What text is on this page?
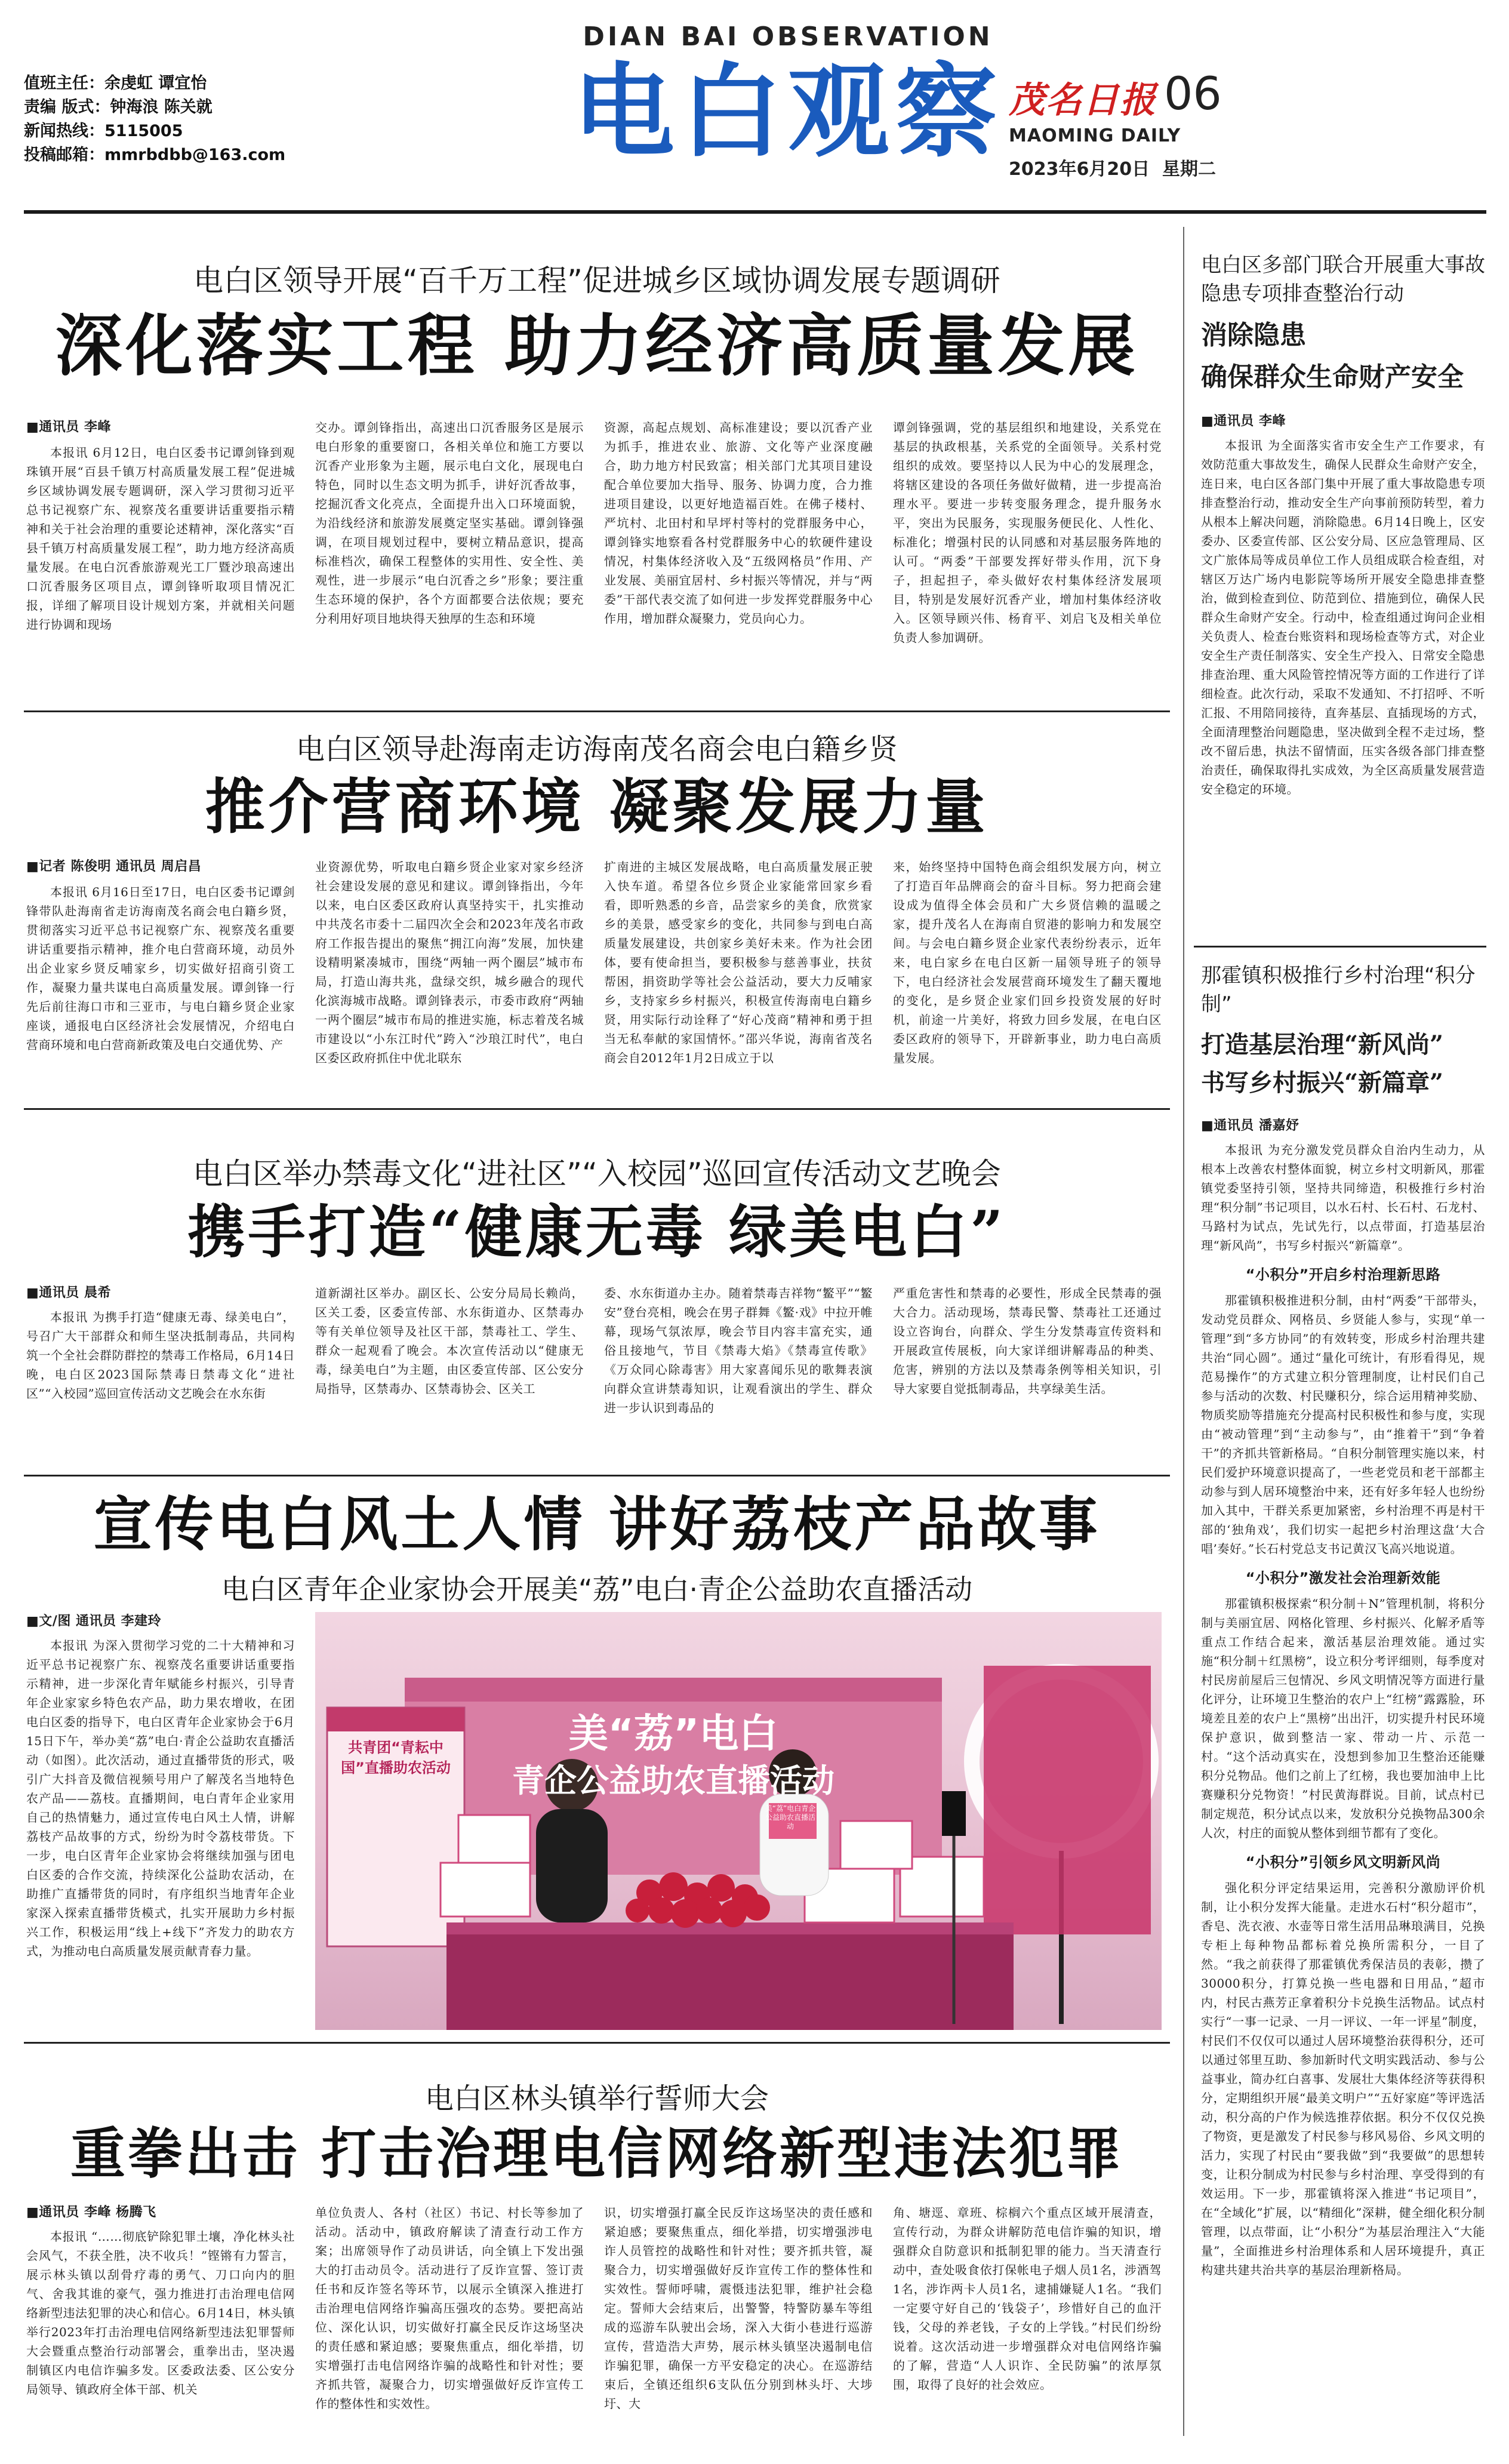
DIAN BAI OBSERVATION
值班主任：余虔虹 谭宜怡
责编 版式：钟海浪 陈关就
新闻热线：5115005
投稿邮箱：mmrbdbb@163.com	电白观察 茂名日报 06
MAOMING DAILY
2023年6月20日 星期二
电白区领导开展“百千万工程”促进城乡区域协调发展专题调研
深化落实工程 助力经济高质量发展
■通讯员 李峰

本报讯 6月12日，电白区委书记谭剑锋到观珠镇开展“百县千镇万村高质量发展工程”促进城乡区域协调发展专题调研，深入学习贯彻习近平总书记视察广东、视察茂名重要讲话重要指示精神和关于社会治理的重要论述精神，深化落实“百县千镇万村高质量发展工程”，助力地方经济高质量发展。在电白沉香旅游观光工厂暨沙琅高速出口沉香服务区项目点，谭剑锋听取项目情况汇报，详细了解项目设计规划方案，并就相关问题进行协调和现场

交办。谭剑锋指出，高速出口沉香服务区是展示电白形象的重要窗口，各相关单位和施工方要以沉香产业形象为主题，展示电白文化，展现电白特色，同时以生态文明为抓手，讲好沉香故事，挖掘沉香文化亮点，全面提升出入口环境面貌，为沿线经济和旅游发展奠定坚实基础。谭剑锋强调，在项目规划过程中，要树立精品意识，提高标准档次，确保工程整体的实用性、安全性、美观性，进一步展示“电白沉香之乡”形象；要注重生态环境的保护，各个方面都要合法依规；要充分利用好项目地块得天独厚的生态和环境

资源，高起点规划、高标准建设；要以沉香产业为抓手，推进农业、旅游、文化等产业深度融合，助力地方村民致富；相关部门尤其项目建设配合单位要加大指导、服务、协调力度，合力推进项目建设，以更好地造福百姓。在佛子楼村、严坑村、北田村和早坪村等村的党群服务中心，谭剑锋实地察看各村党群服务中心的软硬件建设情况，村集体经济收入及“五级网格员”作用、产业发展、美丽宜居村、乡村振兴等情况，并与“两委”干部代表交流了如何进一步发挥党群服务中心作用，增加群众凝聚力，党员向心力。

谭剑锋强调，党的基层组织和地建设，关系党在基层的执政根基，关系党的全面领导。关系村党组织的成效。要坚持以人民为中心的发展理念，将辖区建设的各项任务做好做精，进一步提高治理水平。要进一步转变服务理念，提升服务水平，突出为民服务，实现服务便民化、人性化、标准化；增强村民的认同感和对基层服务阵地的认可。“两委”干部要发挥好带头作用，沉下身子，担起担子，牵头做好农村集体经济发展项目，特别是发展好沉香产业，增加村集体经济收入。区领导顾兴伟、杨育平、刘启飞及相关单位负责人参加调研。

电白区领导赴海南走访海南茂名商会电白籍乡贤
推介营商环境 凝聚发展力量
■记者 陈俊明 通讯员 周启昌

本报讯 6月16日至17日，电白区委书记谭剑锋带队赴海南省走访海南茂名商会电白籍乡贤，贯彻落实习近平总书记视察广东、视察茂名重要讲话重要指示精神，推介电白营商环境，动员外出企业家乡贤反哺家乡，切实做好招商引资工作，凝聚力量共谋电白高质量发展。谭剑锋一行先后前往海口市和三亚市，与电白籍乡贤企业家座谈，通报电白区经济社会发展情况，介绍电白营商环境和电白营商新政策及电白交通优势、产

业资源优势，听取电白籍乡贤企业家对家乡经济社会建设发展的意见和建议。谭剑锋指出，今年以来，电白区委区政府认真坚持实干，扎实推动中共茂名市委十二届四次全会和2023年茂名市政府工作报告提出的聚焦“拥江向海”发展，加快建设精明紧凑城市，围绕“两轴一两个圈层”城市布局，打造山海共兆，盘绿交织，城乡融合的现代化滨海城市战略。谭剑锋表示，市委市政府“两轴一两个圈层”城市布局的推进实施，标志着茂名城市建设以“小东江时代”跨入“沙琅江时代”，电白区委区政府抓住中优北联东

扩南进的主城区发展战略，电白高质量发展正驶入快车道。希望各位乡贤企业家能常回家乡看看，即听熟悉的乡音，品尝家乡的美食，欣赏家乡的美景，感受家乡的变化，共同参与到电白高质量发展建设，共创家乡美好未来。作为社会团体，要有使命担当，要积极参与慈善事业，扶贫帮困，捐资助学等社会公益活动，要大力反哺家乡，支持家乡乡村振兴，积极宣传海南电白籍乡贤，用实际行动诠释了“好心茂商”精神和勇于担当无私奉献的家国情怀。”邵兴华说，海南省茂名商会自2012年1月2日成立于以

来，始终坚持中国特色商会组织发展方向，树立了打造百年品牌商会的奋斗目标。努力把商会建设成为值得全体会员和广大乡贤信赖的温暖之家，提升茂名人在海南自贸港的影响力和发展空间。与会电白籍乡贤企业家代表纷纷表示，近年来，电白家乡在电白区新一届领导班子的领导下，电白经济社会发展营商环境发生了翻天覆地的变化，是乡贤企业家们回乡投资发展的好时机，前途一片美好，将致力回乡发展，在电白区委区政府的领导下，开辟新事业，助力电白高质量发展。

电白区举办禁毒文化“进社区”“入校园”巡回宣传活动文艺晚会
携手打造“健康无毒 绿美电白”
■通讯员 晨希

本报讯 为携手打造“健康无毒、绿美电白”，号召广大干部群众和师生坚决抵制毒品，共同构筑一个全社会群防群控的禁毒工作格局，6月14日晚，电白区2023国际禁毒日禁毒文化“进社区”“入校园”巡回宣传活动文艺晚会在水东街

道新湖社区举办。副区长、公安分局局长赖尚，区关工委，区委宣传部、水东街道办、区禁毒办等有关单位领导及社区干部，禁毒社工、学生、群众一起观看了晚会。本次宣传活动以“健康无毒，绿美电白”为主题，由区委宣传部、区公安分局指导，区禁毒办、区禁毒协会、区关工

委、水东街道办主办。随着禁毒吉祥物“鳘平”“鳘安”登台亮相，晚会在男子群舞《鳘·戏》中拉开帷幕，现场气氛浓厚，晚会节目内容丰富充实，通俗且接地气，节目《禁毒大焰》《禁毒宣传歌》《万众同心除毒害》用大家喜闻乐见的歌舞表演向群众宣讲禁毒知识，让观看演出的学生、群众进一步认识到毒品的

严重危害性和禁毒的必要性，形成全民禁毒的强大合力。活动现场，禁毒民警、禁毒社工还通过设立咨询台，向群众、学生分发禁毒宣传资料和开展政宣传展板，向大家详细讲解毒品的种类、危害，辨别的方法以及禁毒条例等相关知识，引导大家要自觉抵制毒品，共享绿美生活。

宣传电白风土人情 讲好荔枝产品故事
电白区青年企业家协会开展美“荔”电白·青企公益助农直播活动
■文/图 通讯员 李建玲

本报讯 为深入贯彻学习党的二十大精神和习近平总书记视察广东、视察茂名重要讲话重要指示精神，进一步深化青年赋能乡村振兴，引导青年企业家家乡特色农产品，助力果农增收，在团电白区委的指导下，电白区青年企业家协会于6月15日下午，举办美“荔”电白·青企公益助农直播活动（如图）。此次活动，通过直播带货的形式，吸引广大抖音及微信视频号用户了解茂名当地特色农产品——荔枝。直播期间，电白青年企业家用自己的热情魅力，通过宣传电白风土人情，讲解荔枝产品故事的方式，纷纷为时令荔枝带货。下一步，电白区青年企业家协会将继续加强与团电白区委的合作交流，持续深化公益助农活动，在助推广直播带货的同时，有序组织当地青年企业家深入探索直播带货模式，扎实开展助力乡村振兴工作，积极运用“线上+线下”齐发力的助农方式，为推动电白高质量发展贡献青春力量。

美“荔”电白
青企公益助农直播活动
共青团“青耘中国”直播助农活动
美“荔”电白青企公益助农直播活动
电白区林头镇举行誓师大会
重拳出击 打击治理电信网络新型违法犯罪
■通讯员 李峰 杨腾飞

本报讯 “……彻底铲除犯罪土壤，净化林头社会风气，不获全胜，决不收兵！”铿锵有力誓言，展示林头镇以刮骨疗毒的勇气、刀口向内的胆气、舍我其谁的豪气，强力推进打击治理电信网络新型违法犯罪的决心和信心。6月14日，林头镇举行2023年打击治理电信网络新型违法犯罪誓师大会暨重点整治行动部署会，重拳出击，坚决遏制镇区内电信诈骗多发。区委政法委、区公安分局领导、镇政府全体干部、机关

单位负责人、各村（社区）书记、村长等参加了活动。活动中，镇政府解读了清查行动工作方案；出席领导作了动员讲话，向全镇上下发出强大的打击动员令。活动进行了反诈宣誓、签订责任书和反诈签名等环节，以展示全镇深入推进打击治理电信网络诈骗高压强攻的态势。要把高站位、深化认识，切实做好打赢全民反诈这场坚决的责任感和紧迫感；要聚焦重点，细化举措，切实增强打击电信网络诈骗的战略性和针对性；要齐抓共管，凝聚合力，切实增强做好反诈宣传工作的整体性和实效性。

识，切实增强打赢全民反诈这场坚决的责任感和紧迫感；要聚焦重点，细化举措，切实增强涉电诈人员管控的战略性和针对性；要齐抓共管，凝聚合力，切实增强做好反诈宣传工作的整体性和实效性。誓师呼啸，震慑违法犯罪，维护社会稳定。誓师大会结束后，出警警，特警防暴车等组成的巡游车队驶出会场，深入大街小巷进行巡游宣传，营造浩大声势，展示林头镇坚决遏制电信诈骗犯罪，确保一方平安稳定的决心。在巡游结束后，全镇还组织6支队伍分别到林头圩、大埗圩、大

角、塘逕、章班、棕榈六个重点区域开展清查，宣传行动，为群众讲解防范电信诈骗的知识，增强群众自防意识和抵制犯罪的能力。当天清查行动中，查处吸食依打保帐电子烟人员1名，涉酒驾1名，涉诈两卡人员1名，逮捕嫌疑人1名。“我们一定要守好自己的‘钱袋子’，珍惜好自己的血汗钱，父母的养老钱，子女的上学钱。”村民们纷纷说着。这次活动进一步增强群众对电信网络诈骗的了解，营造“人人识诈、全民防骗”的浓厚氛围，取得了良好的社会效应。

电白区多部门联合开展重大事故隐患专项排查整治行动
消除隐患
确保群众生命财产安全
■通讯员 李峰

本报讯 为全面落实省市安全生产工作要求，有效防范重大事故发生，确保人民群众生命财产安全，连日来，电白区各部门集中开展了重大事故隐患专项排查整治行动，推动安全生产向事前预防转型，着力从根本上解决问题，消除隐患。6月14日晚上，区安委办、区委宣传部、区公安分局、区应急管理局、区文广旅体局等成员单位工作人员组成联合检查组，对辖区万达广场内电影院等场所开展安全隐患排查整治，做到检查到位、防范到位、措施到位，确保人民群众生命财产安全。行动中，检查组通过询问企业相关负责人、检查台账资料和现场检查等方式，对企业安全生产责任制落实、安全生产投入、日常安全隐患排查治理、重大风险管控情况等方面的工作进行了详细检查。此次行动，采取不发通知、不打招呼、不听汇报、不用陪同接待，直奔基层、直插现场的方式，全面清理整治问题隐患，坚决做到全程不走过场，整改不留后患，执法不留情面，压实各级各部门排查整治责任，确保取得扎实成效，为全区高质量发展营造安全稳定的环境。

那霍镇积极推行乡村治理“积分制”
打造基层治理“新风尚”
书写乡村振兴“新篇章”
■通讯员 潘嘉妤

本报讯 为充分激发党员群众自治内生动力，从根本上改善农村整体面貌，树立乡村文明新风，那霍镇党委坚持引领，坚持共同缔造，积极推行乡村治理“积分制”书记项目，以水石村、长石村、石龙村、马路村为试点，先试先行，以点带面，打造基层治理“新风尚”，书写乡村振兴“新篇章”。

“小积分”开启乡村治理新思路

那霍镇积极推进积分制，由村“两委”干部带头，发动党员群众、网格员、乡贤能人参与，实现“单一管理”到“多方协同”的有效转变，形成乡村治理共建共治“同心圆”。通过“量化可统计，有形看得见，规范易操作”的方式建立积分管理制度，让村民们自己参与活动的次数、村民赚积分，综合运用精神奖励、物质奖励等措施充分提高村民积极性和参与度，实现由“被动管理”到“主动参与”，由“推着干”到“争着干”的齐抓共管新格局。“自积分制管理实施以来，村民们爱护环境意识提高了，一些老党员和老干部都主动参与到人居环境整治中来，还有好多年轻人也纷纷加入其中，干群关系更加紧密，乡村治理不再是村干部的‘独角戏’，我们切实一起把乡村治理这盘‘大合唱’奏好。”长石村党总支书记黄汉飞高兴地说道。

“小积分”激发社会治理新效能

那霍镇积极探索“积分制＋N”管理机制，将积分制与美丽宜居、网格化管理、乡村振兴、化解矛盾等重点工作结合起来，激活基层治理效能。通过实施“积分制＋红黑榜”，设立积分考评细则，每季度对村民房前屋后三包情况、乡风文明情况等方面进行量化评分，让环境卫生整治的农户上“红榜”露露脸，环境差且差的农户上“黑榜”出出汗，切实提升村民环境保护意识，做到整洁一家、带动一片、示范一村。“这个活动真实在，没想到参加卫生整治还能赚积分兑物品。他们之前上了红榜，我也要加油申上比赛赚积分兑物资！”村民黄海群说。目前，试点村已制定规范，积分试点以来，发放积分兑换物品300余人次，村庄的面貌从整体到细节都有了变化。

“小积分”引领乡风文明新风尚

强化积分评定结果运用，完善积分激励评价机制，让小积分发挥大能量。走进水石村“积分超市”，香皂、洗衣液、水壶等日常生活用品琳琅满目，兑换专柜上每种物品都标着兑换所需积分，一目了然。“我之前获得了那霍镇优秀保洁员的表彰，攒了30000积分，打算兑换一些电器和日用品，”超市内，村民古燕芳正拿着积分卡兑换生活物品。试点村实行“一事一记录、一月一评议、一年一评星”制度，村民们不仅仅可以通过人居环境整治获得积分，还可以通过邻里互助、参加新时代文明实践活动、参与公益事业，简办红白喜事、发展壮大集体经济等获得积分，定期组织开展“最美文明户”“五好家庭”等评选活动，积分高的户作为候选推荐依据。积分不仅仅兑换了物资，更是激发了村民参与移风易俗、乡风文明的活力，实现了村民由“要我做”到“我要做”的思想转变，让积分制成为村民参与乡村治理、享受得到的有效运用。下一步，那霍镇将深入推进“书记项目”，在“全域化”扩展，以“精细化”深耕，健全细化积分制管理，以点带面，让“小积分”为基层治理注入“大能量”，全面推进乡村治理体系和人居环境提升，真正构建共建共治共享的基层治理新格局。
